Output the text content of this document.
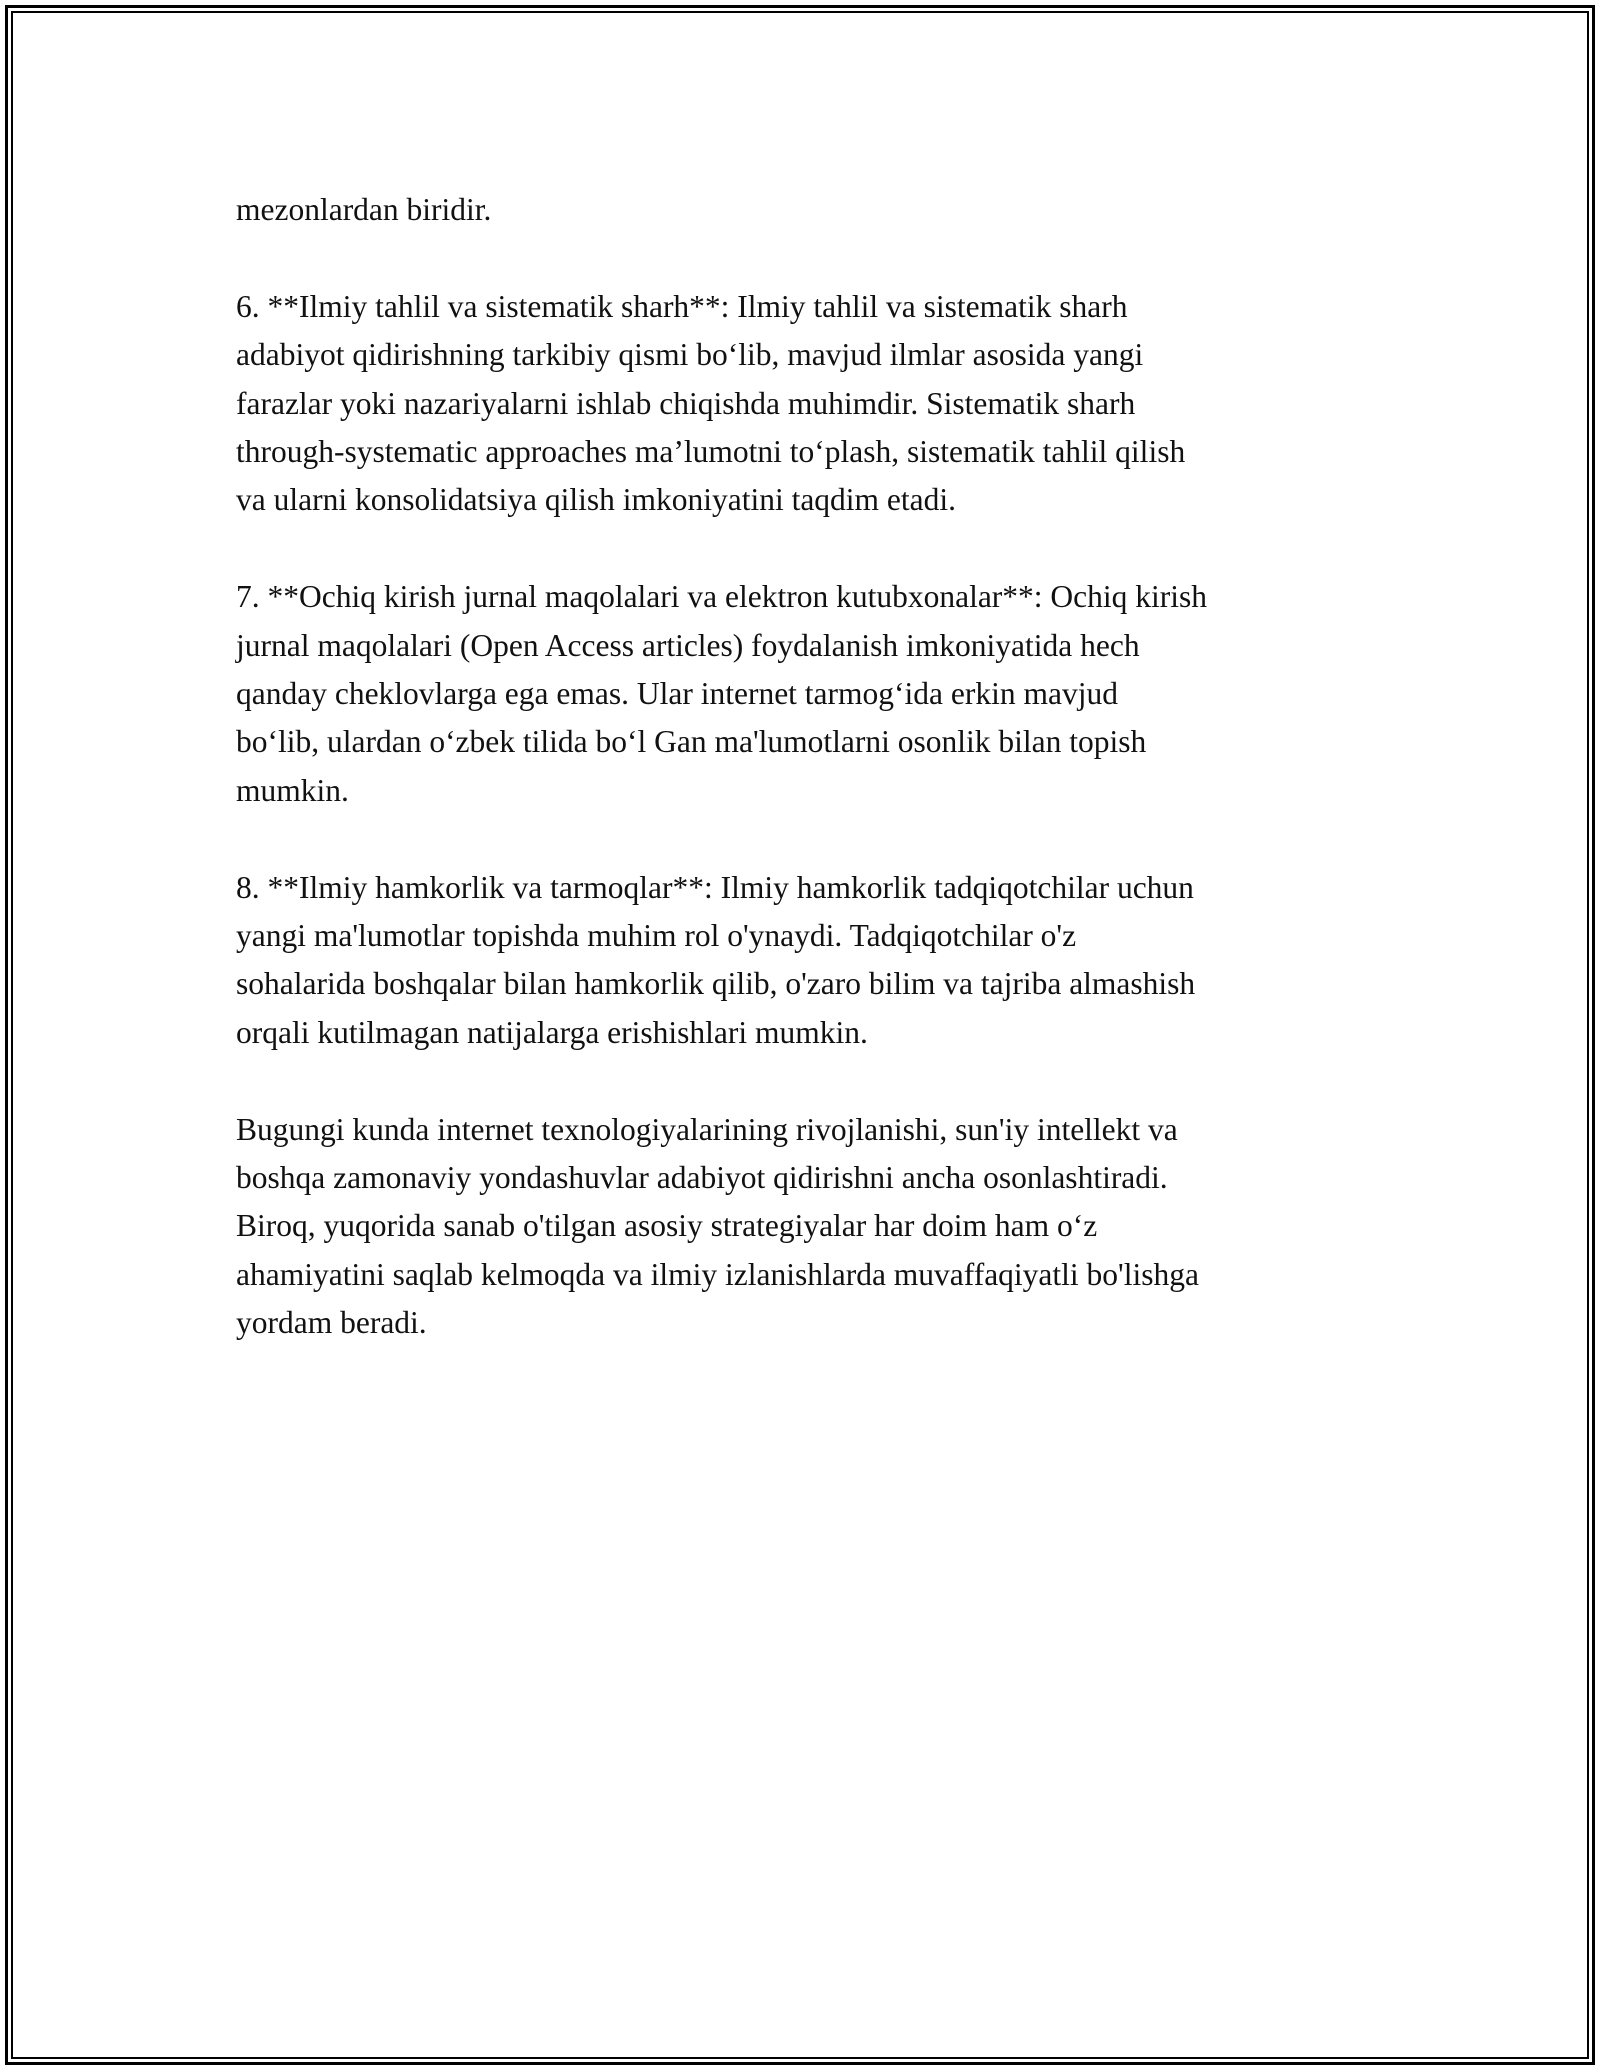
mezonlardan biridir.

6. **Ilmiy tahlil va sistematik sharh**: Ilmiy tahlil va sistematik sharh
adabiyot qidirishning tarkibiy qismi bo‘lib, mavjud ilmlar asosida yangi
farazlar yoki nazariyalarni ishlab chiqishda muhimdir. Sistematik sharh
through-systematic approaches ma’lumotni to‘plash, sistematik tahlil qilish
va ularni konsolidatsiya qilish imkoniyatini taqdim etadi.

7. **Ochiq kirish jurnal maqolalari va elektron kutubxonalar**: Ochiq kirish
jurnal maqolalari (Open Access articles) foydalanish imkoniyatida hech
qanday cheklovlarga ega emas. Ular internet tarmog‘ida erkin mavjud
bo‘lib, ulardan o‘zbek tilida bo‘l Gan ma'lumotlarni osonlik bilan topish
mumkin.

8. **Ilmiy hamkorlik va tarmoqlar**: Ilmiy hamkorlik tadqiqotchilar uchun
yangi ma'lumotlar topishda muhim rol o'ynaydi. Tadqiqotchilar o'z
sohalarida boshqalar bilan hamkorlik qilib, o'zaro bilim va tajriba almashish
orqali kutilmagan natijalarga erishishlari mumkin.

Bugungi kunda internet texnologiyalarining rivojlanishi, sun'iy intellekt va
boshqa zamonaviy yondashuvlar adabiyot qidirishni ancha osonlashtiradi.
Biroq, yuqorida sanab o'tilgan asosiy strategiyalar har doim ham o‘z
ahamiyatini saqlab kelmoqda va ilmiy izlanishlarda muvaffaqiyatli bo'lishga
yordam beradi.
